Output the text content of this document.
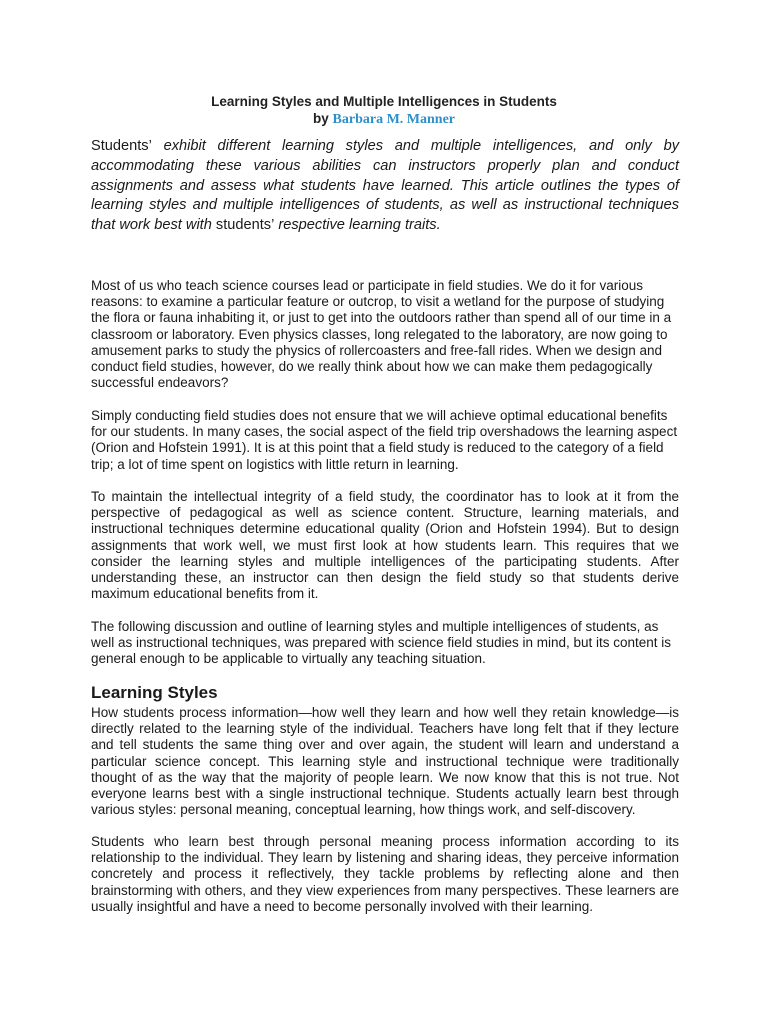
Learning Styles and Multiple Intelligences in Students
by Barbara M. Manner
Students’ exhibit different learning styles and multiple intelligences, and only by accommodating these various abilities can instructors properly plan and conduct assignments and assess what students have learned. This article outlines the types of learning styles and multiple intelligences of students, as well as instructional techniques that work best with students’ respective learning traits.

Most of us who teach science courses lead or participate in field studies. We do it for various reasons: to examine a particular feature or outcrop, to visit a wetland for the purpose of studying the flora or fauna inhabiting it, or just to get into the outdoors rather than spend all of our time in a classroom or laboratory. Even physics classes, long relegated to the laboratory, are now going to amusement parks to study the physics of rollercoasters and free-fall rides. When we design and conduct field studies, however, do we really think about how we can make them pedagogically successful endeavors?

Simply conducting field studies does not ensure that we will achieve optimal educational benefits for our students. In many cases, the social aspect of the field trip overshadows the learning aspect (Orion and Hofstein 1991). It is at this point that a field study is reduced to the category of a field trip; a lot of time spent on logistics with little return in learning.

To maintain the intellectual integrity of a field study, the coordinator has to look at it from the perspective of pedagogical as well as science content. Structure, learning materials, and instructional techniques determine educational quality (Orion and Hofstein 1994). But to design assignments that work well, we must first look at how students learn. This requires that we consider the learning styles and multiple intelligences of the participating students. After understanding these, an instructor can then design the field study so that students derive maximum educational benefits from it.

The following discussion and outline of learning styles and multiple intelligences of students, as well as instructional techniques, was prepared with science field studies in mind, but its content is general enough to be applicable to virtually any teaching situation.

Learning Styles

How students process information—how well they learn and how well they retain knowledge—is directly related to the learning style of the individual. Teachers have long felt that if they lecture and tell students the same thing over and over again, the student will learn and understand a particular science concept. This learning style and instructional technique were traditionally thought of as the way that the majority of people learn. We now know that this is not true. Not everyone learns best with a single instructional technique. Students actually learn best through various styles: personal meaning, conceptual learning, how things work, and self-discovery.

Students who learn best through personal meaning process information according to its relationship to the individual. They learn by listening and sharing ideas, they perceive information concretely and process it reflectively, they tackle problems by reflecting alone and then brainstorming with others, and they view experiences from many perspectives. These learners are usually insightful and have a need to become personally involved with their learning.
